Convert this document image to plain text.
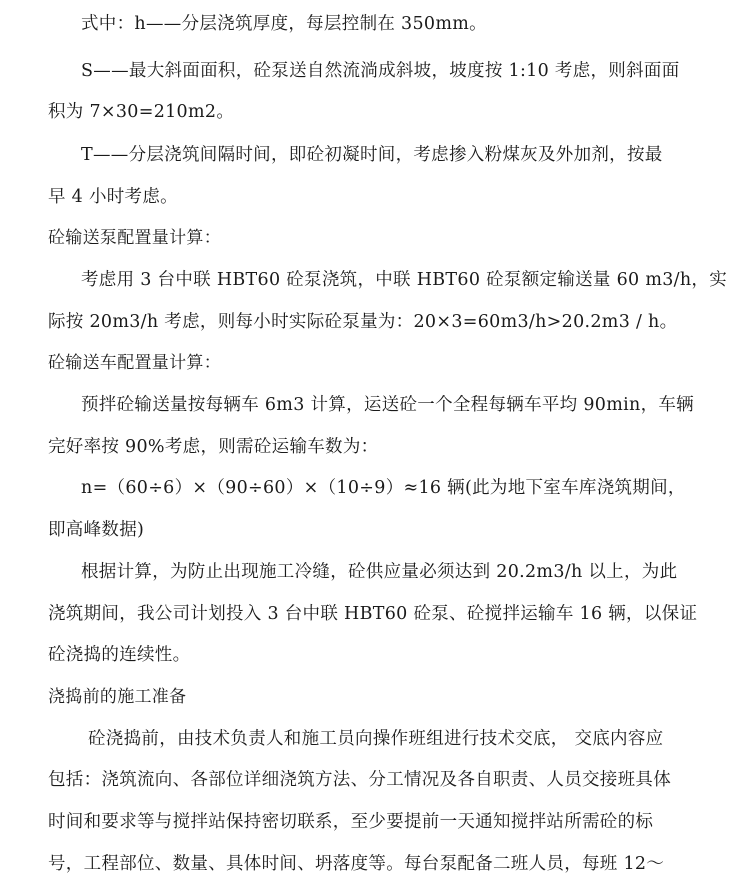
式中：h——分层浇筑厚度，每层控制在 350mm。
S——最大斜面面积，砼泵送自然流淌成斜坡，坡度按 1:10 考虑，则斜面面
积为 7×30=210m2。
T——分层浇筑间隔时间，即砼初凝时间，考虑掺入粉煤灰及外加剂，按最
早 4 小时考虑。
砼输送泵配置量计算：
考虑用 3 台中联 HBT60 砼泵浇筑，中联 HBT60 砼泵额定输送量 60 m3/h，实
际按 20m3/h 考虑，则每小时实际砼泵量为：20×3=60m3/h>20.2m3 / h。
砼输送车配置量计算：
预拌砼输送量按每辆车 6m3 计算，运送砼一个全程每辆车平均 90min，车辆
完好率按 90%考虑，则需砼运输车数为：
n=（60÷6）×（90÷60）×（10÷9）≈16 辆(此为地下室车库浇筑期间，
即高峰数据)
根据计算，为防止出现施工冷缝，砼供应量必须达到 20.2m3/h 以上，为此
浇筑期间，我公司计划投入 3 台中联 HBT60 砼泵、砼搅拌运输车 16 辆，以保证
砼浇捣的连续性。
浇捣前的施工准备
砼浇捣前，由技术负责人和施工员向操作班组进行技术交底， 交底内容应
包括：浇筑流向、各部位详细浇筑方法、分工情况及各自职责、人员交接班具体
时间和要求等与搅拌站保持密切联系，至少要提前一天通知搅拌站所需砼的标
号，工程部位、数量、具体时间、坍落度等。每台泵配备二班人员，每班 12～
